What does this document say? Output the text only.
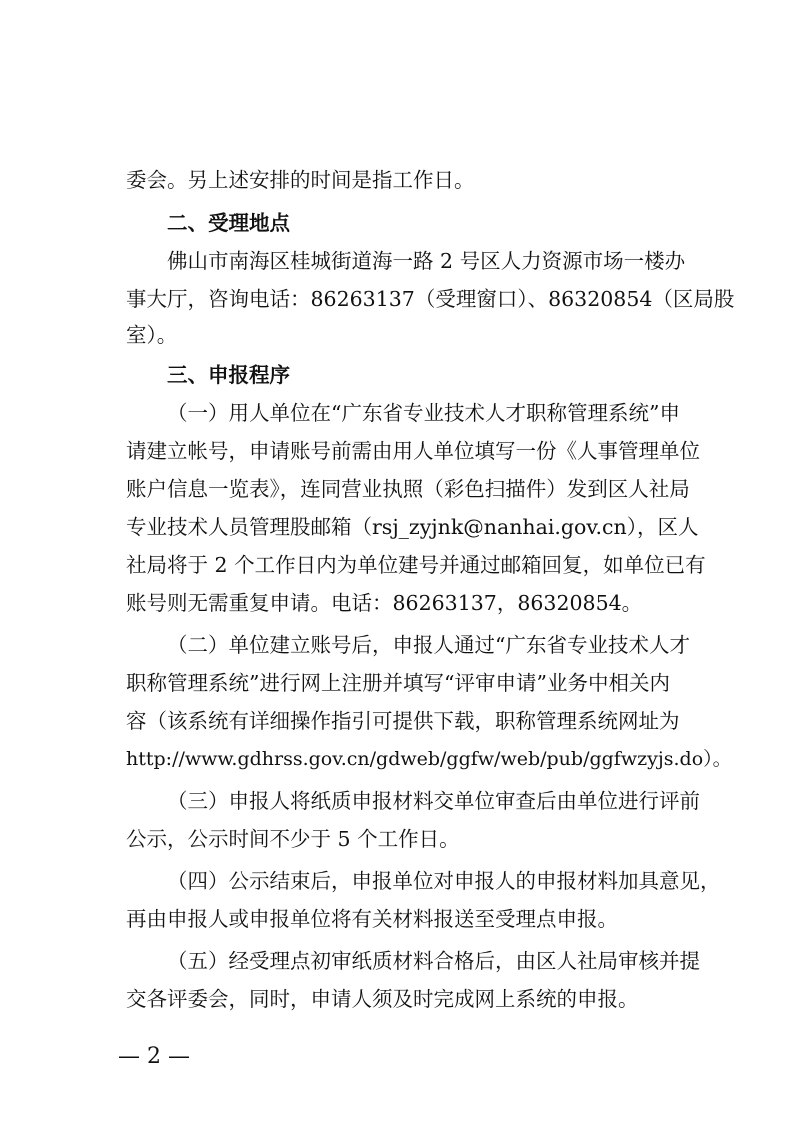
委会。另上述安排的时间是指工作日。
二、受理地点
佛山市南海区桂城街道海一路 2 号区人力资源市场一楼办
事大厅，咨询电话：86263137（受理窗口）、86320854（区局股
室）。
三、申报程序
（一）用人单位在“广东省专业技术人才职称管理系统”申
请建立帐号，申请账号前需由用人单位填写一份《人事管理单位
账户信息一览表》，连同营业执照（彩色扫描件）发到区人社局
专业技术人员管理股邮箱（rsj_zyjnk@nanhai.gov.cn），区人
社局将于 2 个工作日内为单位建号并通过邮箱回复，如单位已有
账号则无需重复申请。电话：86263137，86320854。
（二）单位建立账号后，申报人通过“广东省专业技术人才
职称管理系统”进行网上注册并填写“评审申请”业务中相关内
容（该系统有详细操作指引可提供下载，职称管理系统网址为
http://www.gdhrss.gov.cn/gdweb/ggfw/web/pub/ggfwzyjs.do）。
（三）申报人将纸质申报材料交单位审查后由单位进行评前
公示，公示时间不少于 5 个工作日。
（四）公示结束后，申报单位对申报人的申报材料加具意见，
再由申报人或申报单位将有关材料报送至受理点申报。
（五）经受理点初审纸质材料合格后，由区人社局审核并提
交各评委会，同时，申请人须及时完成网上系统的申报。
— 2 —
